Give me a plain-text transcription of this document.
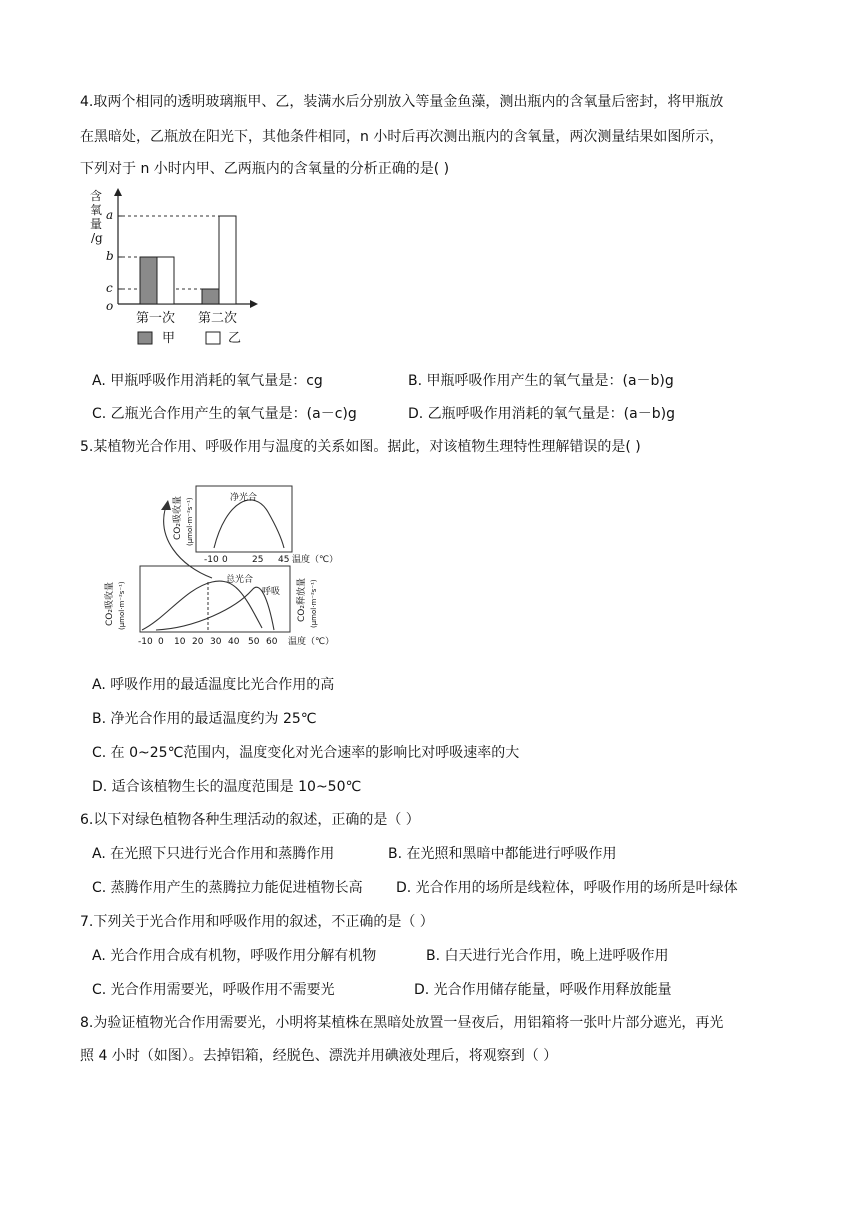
4.取两个相同的透明玻璃瓶甲、乙，装满水后分别放入等量金鱼藻，测出瓶内的含氧量后密封，将甲瓶放
在黑暗处，乙瓶放在阳光下，其他条件相同，n 小时后再次测出瓶内的含氧量，两次测量结果如图所示，
下列对于 n 小时内甲、乙两瓶内的含氧量的分析正确的是( )
含
氧
量
/g
a
b
c
o
第一次 第二次
甲	乙
A. 甲瓶呼吸作用消耗的氧气量是：cg	B. 甲瓶呼吸作用产生的氧气量是：(a－b)g
C. 乙瓶光合作用产生的氧气量是：(a－c)g	D. 乙瓶呼吸作用消耗的氧气量是：(a－b)g
5.某植物光合作用、呼吸作用与温度的关系如图。据此，对该植物生理特性理解错误的是( )
净光合
CO₂吸收量 (μmol·m⁻²s⁻¹)
-10 0	25 45 温度（℃）
总光合
呼吸
CO₂吸收量 (μmol·m⁻²s⁻¹)	CO₂释放量 (μmol·m⁻²s⁻¹)
-10 0 10 20 30 40 50 60 温度（℃）
A. 呼吸作用的最适温度比光合作用的高
B. 净光合作用的最适温度约为 25℃
C. 在 0~25℃范围内，温度变化对光合速率的影响比对呼吸速率的大
D. 适合该植物生长的温度范围是 10~50℃
6.以下对绿色植物各种生理活动的叙述，正确的是（ ）
A. 在光照下只进行光合作用和蒸腾作用	B. 在光照和黑暗中都能进行呼吸作用
C. 蒸腾作用产生的蒸腾拉力能促进植物长高 D. 光合作用的场所是线粒体，呼吸作用的场所是叶绿体
7.下列关于光合作用和呼吸作用的叙述，不正确的是（ ）
A. 光合作用合成有机物，呼吸作用分解有机物	B. 白天进行光合作用，晚上进呼吸作用
C. 光合作用需要光，呼吸作用不需要光	D. 光合作用储存能量，呼吸作用释放能量
8.为验证植物光合作用需要光，小明将某植株在黑暗处放置一昼夜后，用铝箱将一张叶片部分遮光，再光
照 4 小时（如图）。去掉铝箱，经脱色、漂洗并用碘液处理后，将观察到（ ）
